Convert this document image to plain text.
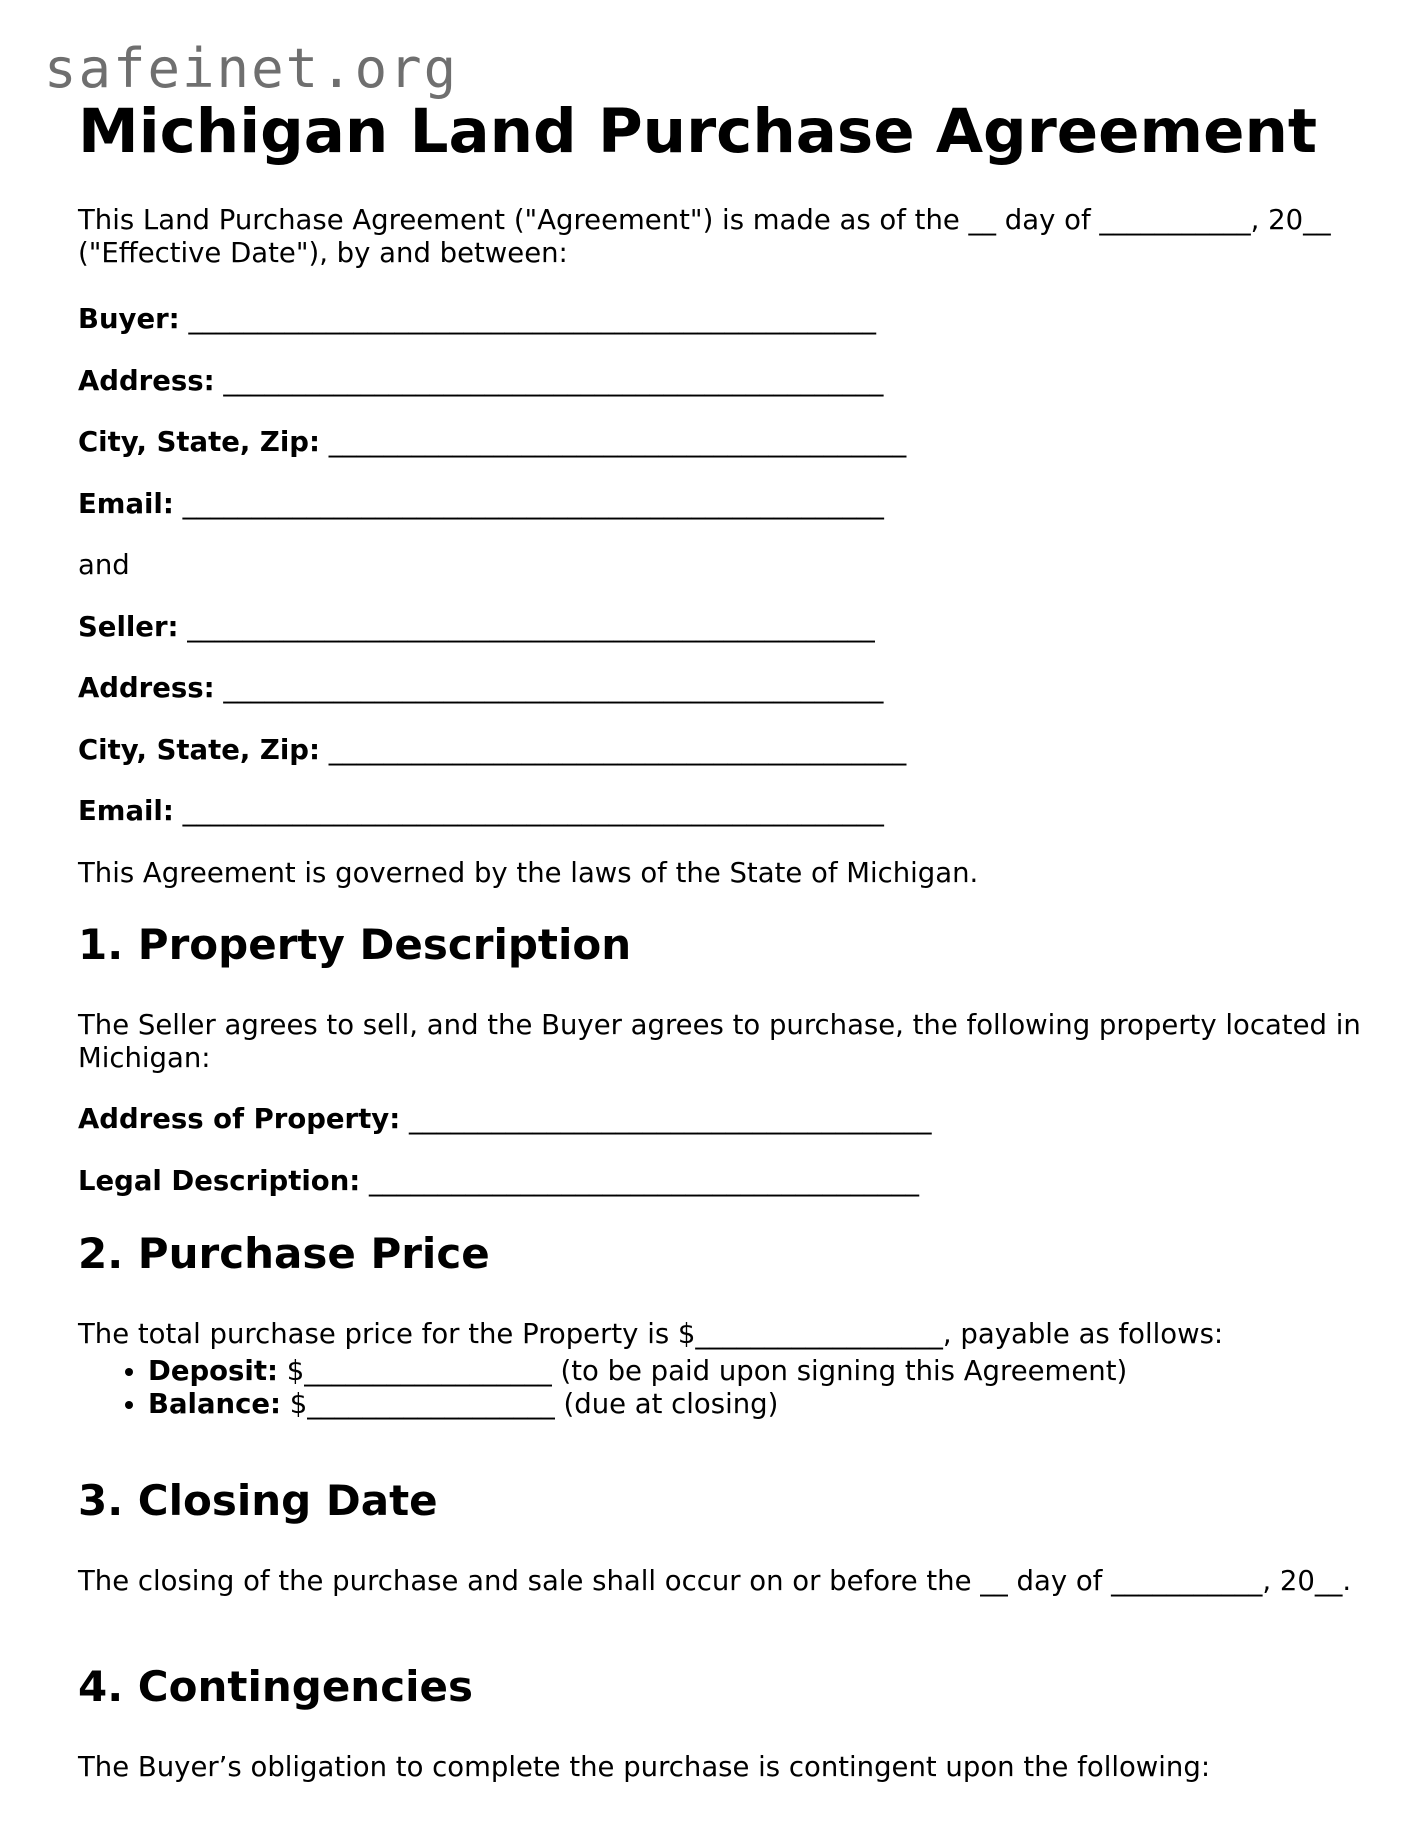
safeinet.org
Michigan Land Purchase Agreement

This Land Purchase Agreement ("Agreement") is made as of the __ day of ___________, 20__ ("Effective Date"), by and between:

Buyer: __________________________________________________

Address: ________________________________________________

City, State, Zip: __________________________________________

Email: ___________________________________________________

and

Seller: __________________________________________________

Address: ________________________________________________

City, State, Zip: __________________________________________

Email: ___________________________________________________

This Agreement is governed by the laws of the State of Michigan.

1. Property Description

The Seller agrees to sell, and the Buyer agrees to purchase, the following property located in Michigan:

Address of Property: ______________________________________

Legal Description: ________________________________________

2. Purchase Price

The total purchase price for the Property is $__________________, payable as follows:

• Deposit: $__________________ (to be paid upon signing this Agreement)
• Balance: $__________________ (due at closing)
3. Closing Date

The closing of the purchase and sale shall occur on or before the __ day of ___________, 20__.

4. Contingencies

The Buyer’s obligation to complete the purchase is contingent upon the following:
